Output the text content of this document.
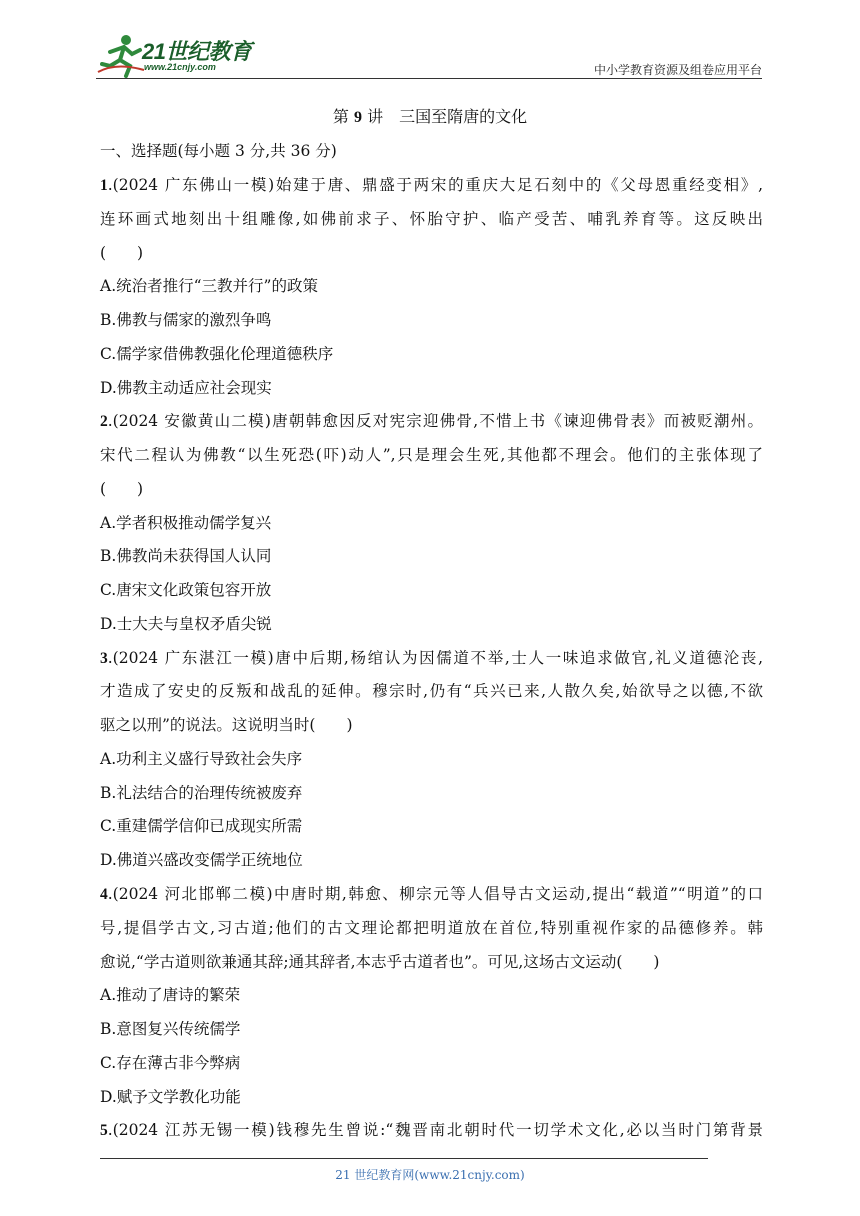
21世纪教育
www.21cnjy.com	中小学教育资源及组卷应用平台
第 9 讲　三国至隋唐的文化
一、选择题(每小题 3 分,共 36 分)
1.(2024 广东佛山一模)始建于唐、鼎盛于两宋的重庆大足石刻中的《父母恩重经变相》,
连环画式地刻出十组雕像,如佛前求子、怀胎守护、临产受苦、哺乳养育等。这反映出
(　　)
A.统治者推行“三教并行”的政策
B.佛教与儒家的激烈争鸣
C.儒学家借佛教强化伦理道德秩序
D.佛教主动适应社会现实
2.(2024 安徽黄山二模)唐朝韩愈因反对宪宗迎佛骨,不惜上书《谏迎佛骨表》而被贬潮州。
宋代二程认为佛教“以生死恐(吓)动人”,只是理会生死,其他都不理会。他们的主张体现了
(　　)
A.学者积极推动儒学复兴
B.佛教尚未获得国人认同
C.唐宋文化政策包容开放
D.士大夫与皇权矛盾尖锐
3.(2024 广东湛江一模)唐中后期,杨绾认为因儒道不举,士人一味追求做官,礼义道德沦丧,
才造成了安史的反叛和战乱的延伸。穆宗时,仍有“兵兴已来,人散久矣,始欲导之以德,不欲
驱之以刑”的说法。这说明当时(　　)
A.功利主义盛行导致社会失序
B.礼法结合的治理传统被废弃
C.重建儒学信仰已成现实所需
D.佛道兴盛改变儒学正统地位
4.(2024 河北邯郸二模)中唐时期,韩愈、柳宗元等人倡导古文运动,提出“载道”“明道”的口
号,提倡学古文,习古道;他们的古文理论都把明道放在首位,特别重视作家的品德修养。韩
愈说,“学古道则欲兼通其辞;通其辞者,本志乎古道者也”。可见,这场古文运动(　　)
A.推动了唐诗的繁荣
B.意图复兴传统儒学
C.存在薄古非今弊病
D.赋予文学教化功能
5.(2024 江苏无锡一模)钱穆先生曾说:“魏晋南北朝时代一切学术文化,必以当时门第背景
21 世纪教育网(www.21cnjy.com)
